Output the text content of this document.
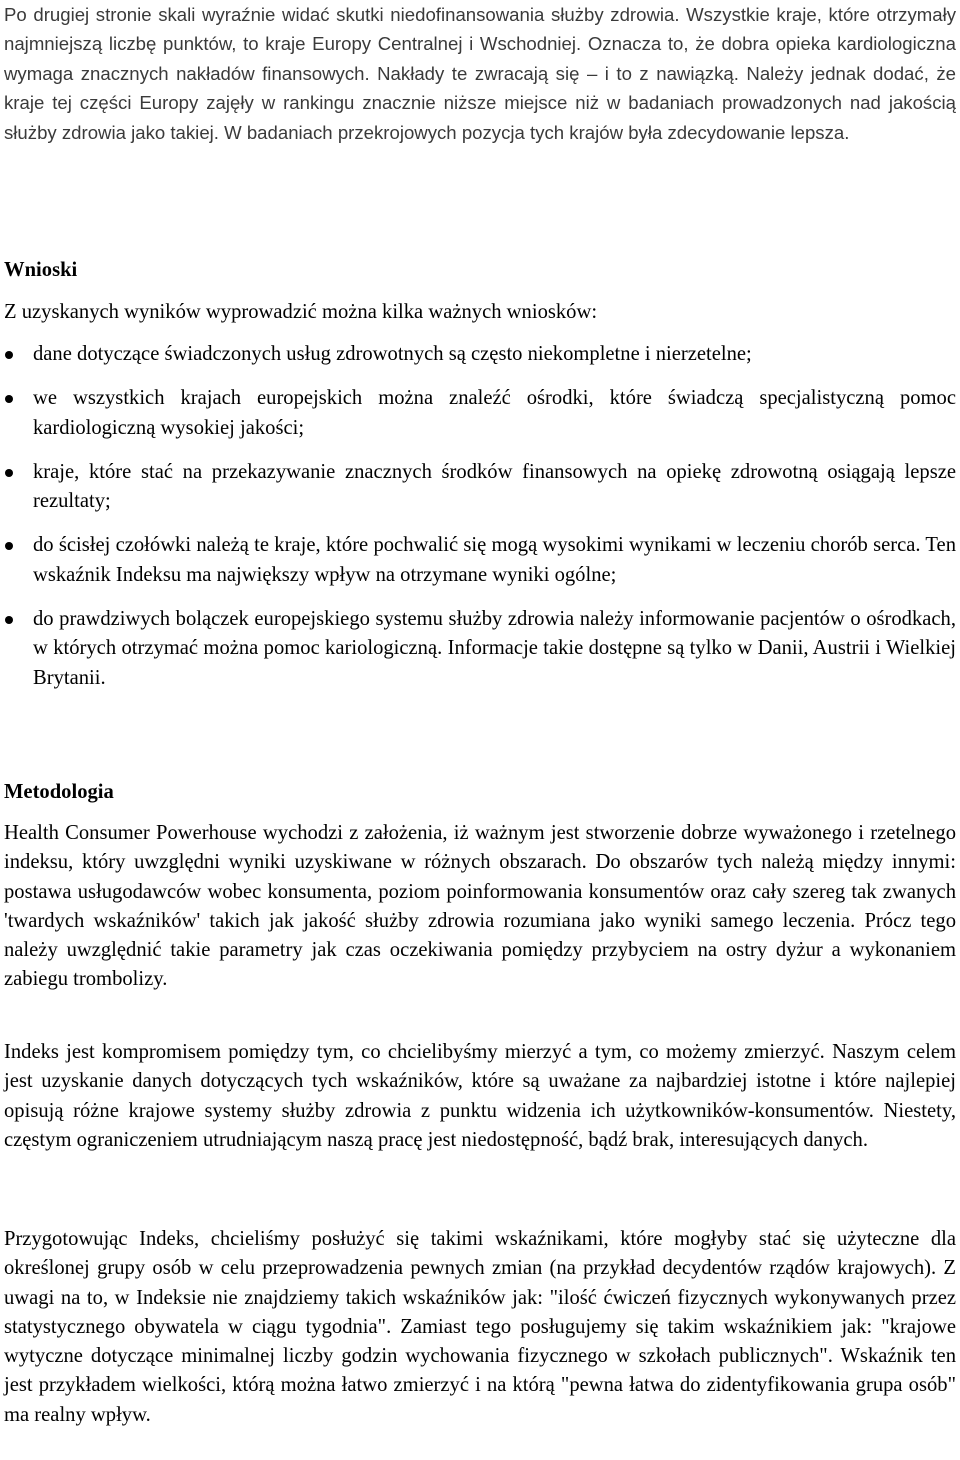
Po drugiej stronie skali wyraźnie widać skutki niedofinansowania służby zdrowia. Wszystkie kraje, które otrzymały najmniejszą liczbę punktów, to kraje Europy Centralnej i Wschodniej. Oznacza to, że dobra opieka kardiologiczna wymaga znacznych nakładów finansowych. Nakłady te zwracają się – i to z nawiązką. Należy jednak dodać, że kraje tej części Europy zajęły w rankingu znacznie niższe miejsce niż w badaniach prowadzonych nad jakością służby zdrowia jako takiej. W badaniach przekrojowych pozycja tych krajów była zdecydowanie lepsza.

Wnioski

Z uzyskanych wyników wyprowadzić można kilka ważnych wniosków:

dane dotyczące świadczonych usług zdrowotnych są często niekompletne i nierzetelne;
we wszystkich krajach europejskich można znaleźć ośrodki, które świadczą specjalistyczną pomoc kardiologiczną wysokiej jakości;
kraje, które stać na przekazywanie znacznych środków finansowych na opiekę zdrowotną osiągają lepsze rezultaty;
do ścisłej czołówki należą te kraje, które pochwalić się mogą wysokimi wynikami w leczeniu chorób serca. Ten wskaźnik Indeksu ma największy wpływ na otrzymane wyniki ogólne;
do prawdziwych bolączek europejskiego systemu służby zdrowia należy informowanie pacjentów o ośrodkach, w których otrzymać można pomoc kariologiczną. Informacje takie dostępne są tylko w Danii, Austrii i Wielkiej Brytanii.
Metodologia

Health Consumer Powerhouse wychodzi z założenia, iż ważnym jest stworzenie dobrze wyważonego i rzetelnego indeksu, który uwzględni wyniki uzyskiwane w różnych obszarach. Do obszarów tych należą między innymi: postawa usługodawców wobec konsumenta, poziom poinformowania konsumentów oraz cały szereg tak zwanych 'twardych wskaźników' takich jak jakość służby zdrowia rozumiana jako wyniki samego leczenia. Prócz tego należy uwzględnić takie parametry jak czas oczekiwania pomiędzy przybyciem na ostry dyżur a wykonaniem zabiegu trombolizy.

Indeks jest kompromisem pomiędzy tym, co chcielibyśmy mierzyć a tym, co możemy zmierzyć. Naszym celem jest uzyskanie danych dotyczących tych wskaźników, które są uważane za najbardziej istotne i które najlepiej opisują różne krajowe systemy służby zdrowia z punktu widzenia ich użytkowników-konsumentów. Niestety, częstym ograniczeniem utrudniającym naszą pracę jest niedostępność, bądź brak, interesujących danych.

Przygotowując Indeks, chcieliśmy posłużyć się takimi wskaźnikami, które mogłyby stać się użyteczne dla określonej grupy osób w celu przeprowadzenia pewnych zmian (na przykład decydentów rządów krajowych). Z uwagi na to, w Indeksie nie znajdziemy takich wskaźników jak: "ilość ćwiczeń fizycznych wykonywanych przez statystycznego obywatela w ciągu tygodnia". Zamiast tego posługujemy się takim wskaźnikiem jak: "krajowe wytyczne dotyczące minimalnej liczby godzin wychowania fizycznego w szkołach publicznych". Wskaźnik ten jest przykładem wielkości, którą można łatwo zmierzyć i na którą "pewna łatwa do zidentyfikowania grupa osób" ma realny wpływ.
